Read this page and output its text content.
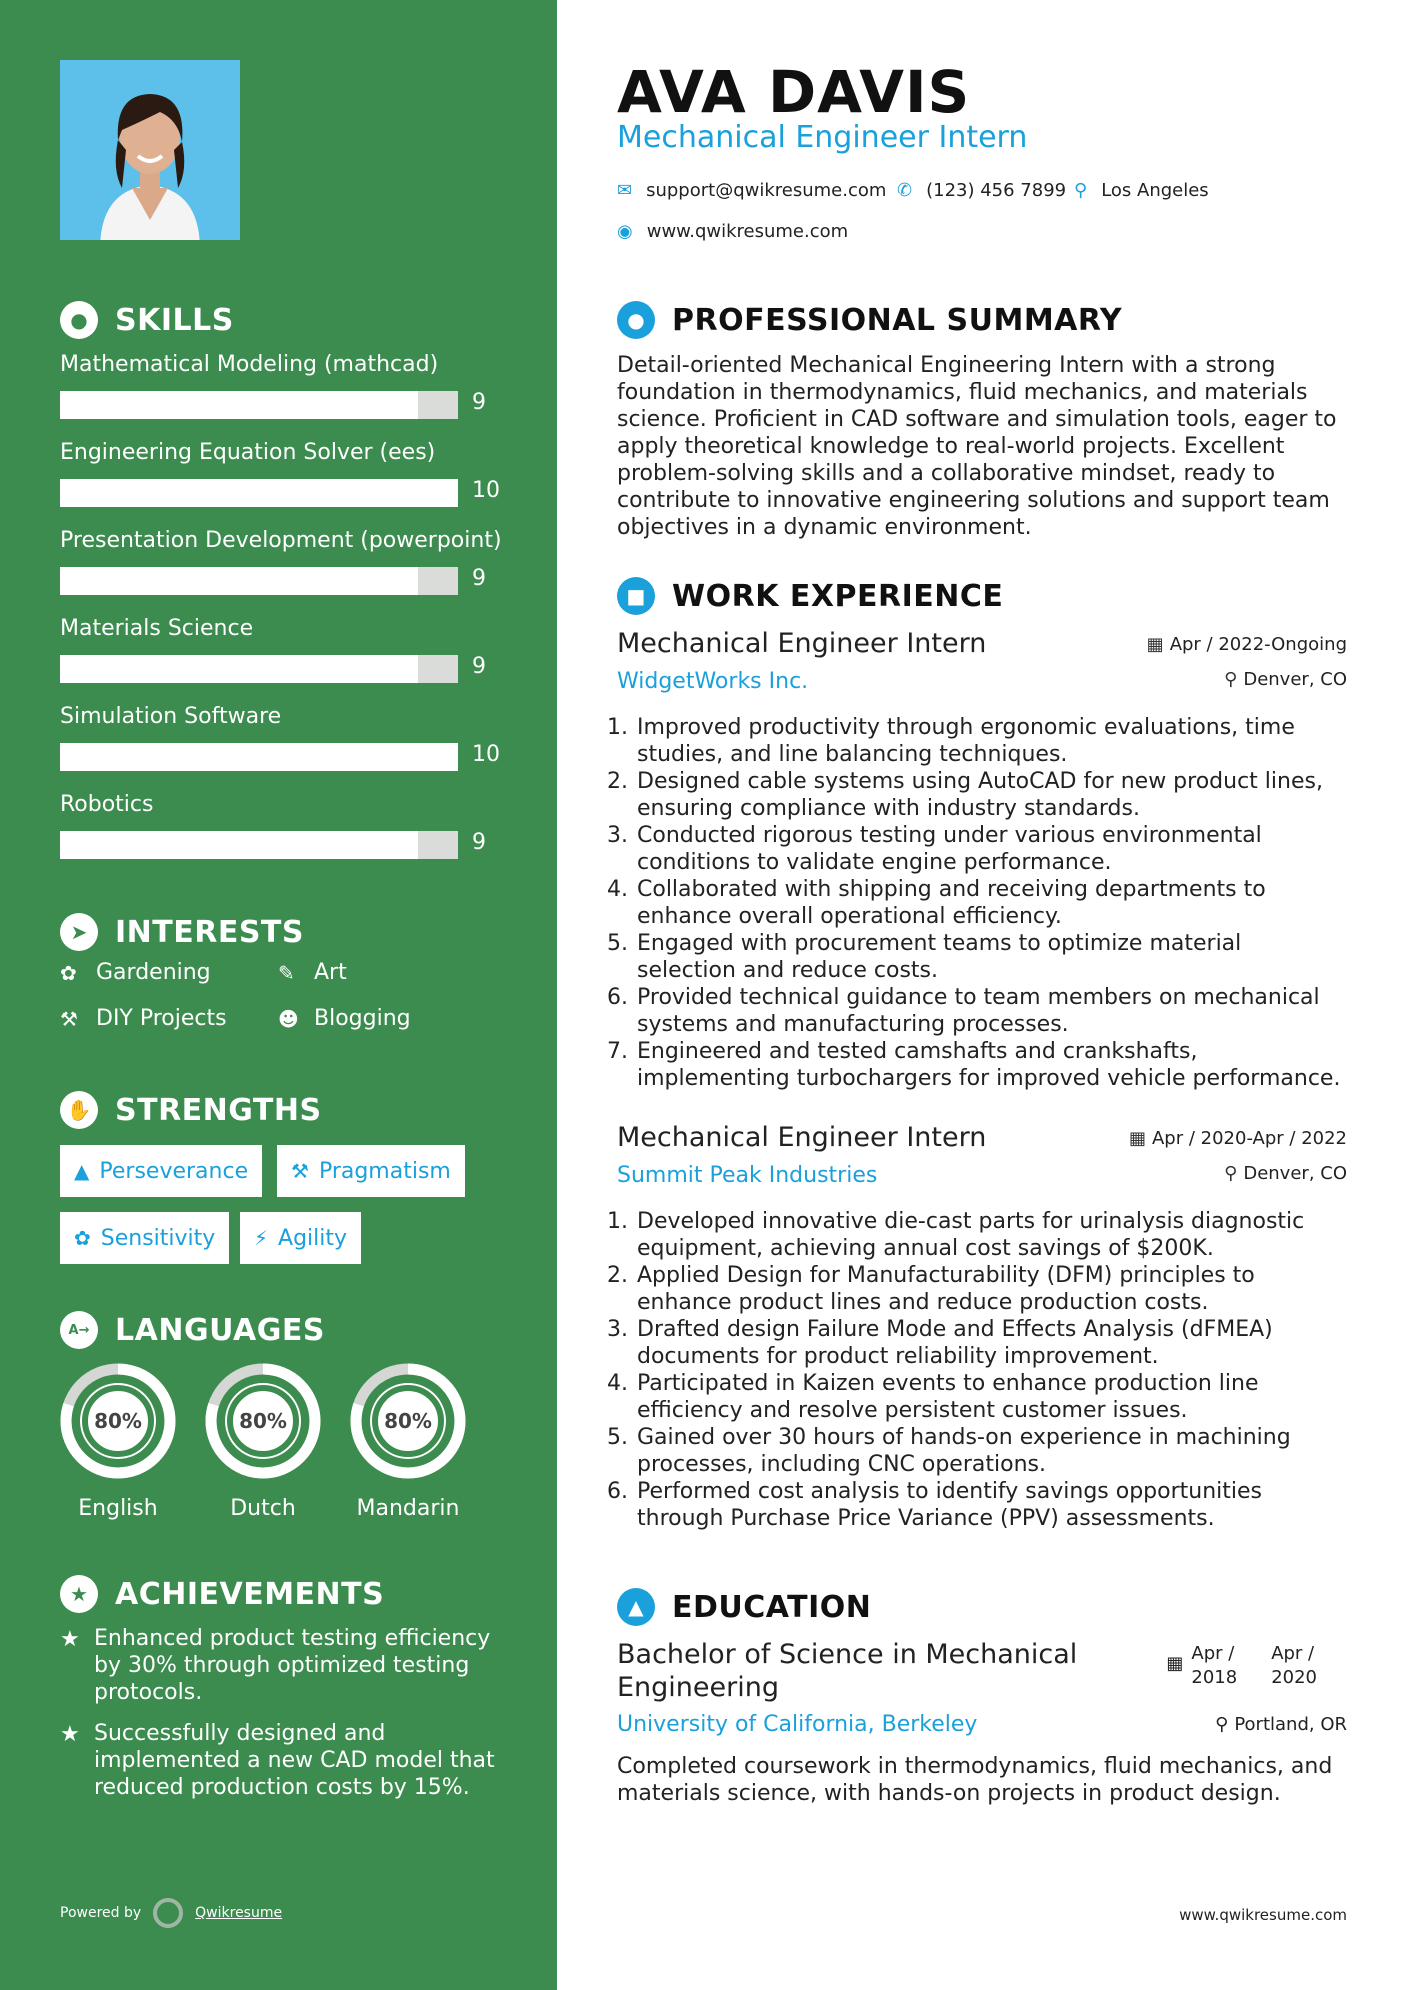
● SKILLS
Mathematical Modeling (mathcad)
9
Engineering Equation Solver (ees)
10
Presentation Development (powerpoint)
9
Materials Science
9
Simulation Software
10
Robotics
9
➤ INTERESTS
✿ Gardening	✎ Art
⚒ DIY Projects	☻ Blogging
✋ STRENGTHS
▲ Perseverance ⚒ Pragmatism
✿ Sensitivity ⚡ Agility
A→ LANGUAGES
80%
English
80%
Dutch
80%
Mandarin
★ ACHIEVEMENTS
★ Enhanced product testing efficiency by 30% through optimized testing protocols.
★ Successfully designed and implemented a new CAD model that reduced production costs by 15%.
Powered by	Qwikresume
AVA DAVIS
Mechanical Engineer Intern
✉ support@qwikresume.com ✆ (123) 456 7899 ⚲ Los Angeles
◉ www.qwikresume.com
● PROFESSIONAL SUMMARY
Detail-oriented Mechanical Engineering Intern with a strong foundation in thermodynamics, fluid mechanics, and materials science. Proficient in CAD software and simulation tools, eager to apply theoretical knowledge to real-world projects. Excellent problem-solving skills and a collaborative mindset, ready to contribute to innovative engineering solutions and support team objectives in a dynamic environment.
■ WORK EXPERIENCE
Mechanical Engineer Intern
WidgetWorks Inc.
▦ Apr / 2022-Ongoing
⚲ Denver, CO
1. Improved productivity through ergonomic evaluations, time studies, and line balancing techniques.
2. Designed cable systems using AutoCAD for new product lines, ensuring compliance with industry standards.
3. Conducted rigorous testing under various environmental conditions to validate engine performance.
4. Collaborated with shipping and receiving departments to enhance overall operational efficiency.
5. Engaged with procurement teams to optimize material selection and reduce costs.
6. Provided technical guidance to team members on mechanical systems and manufacturing processes.
7. Engineered and tested camshafts and crankshafts, implementing turbochargers for improved vehicle performance.
Mechanical Engineer Intern
Summit Peak Industries
▦ Apr / 2020-Apr / 2022
⚲ Denver, CO
1. Developed innovative die-cast parts for urinalysis diagnostic equipment, achieving annual cost savings of $200K.
2. Applied Design for Manufacturability (DFM) principles to enhance product lines and reduce production costs.
3. Drafted design Failure Mode and Effects Analysis (dFMEA) documents for product reliability improvement.
4. Participated in Kaizen events to enhance production line efficiency and resolve persistent customer issues.
5. Gained over 30 hours of hands-on experience in machining processes, including CNC operations.
6. Performed cost analysis to identify savings opportunities through Purchase Price Variance (PPV) assessments.
▲ EDUCATION
Bachelor of Science in Mechanical
Engineering
University of California, Berkeley
▦ Apr /
2018
Apr /
2020
⚲ Portland, OR
Completed coursework in thermodynamics, fluid mechanics, and materials science, with hands-on projects in product design.
www.qwikresume.com
